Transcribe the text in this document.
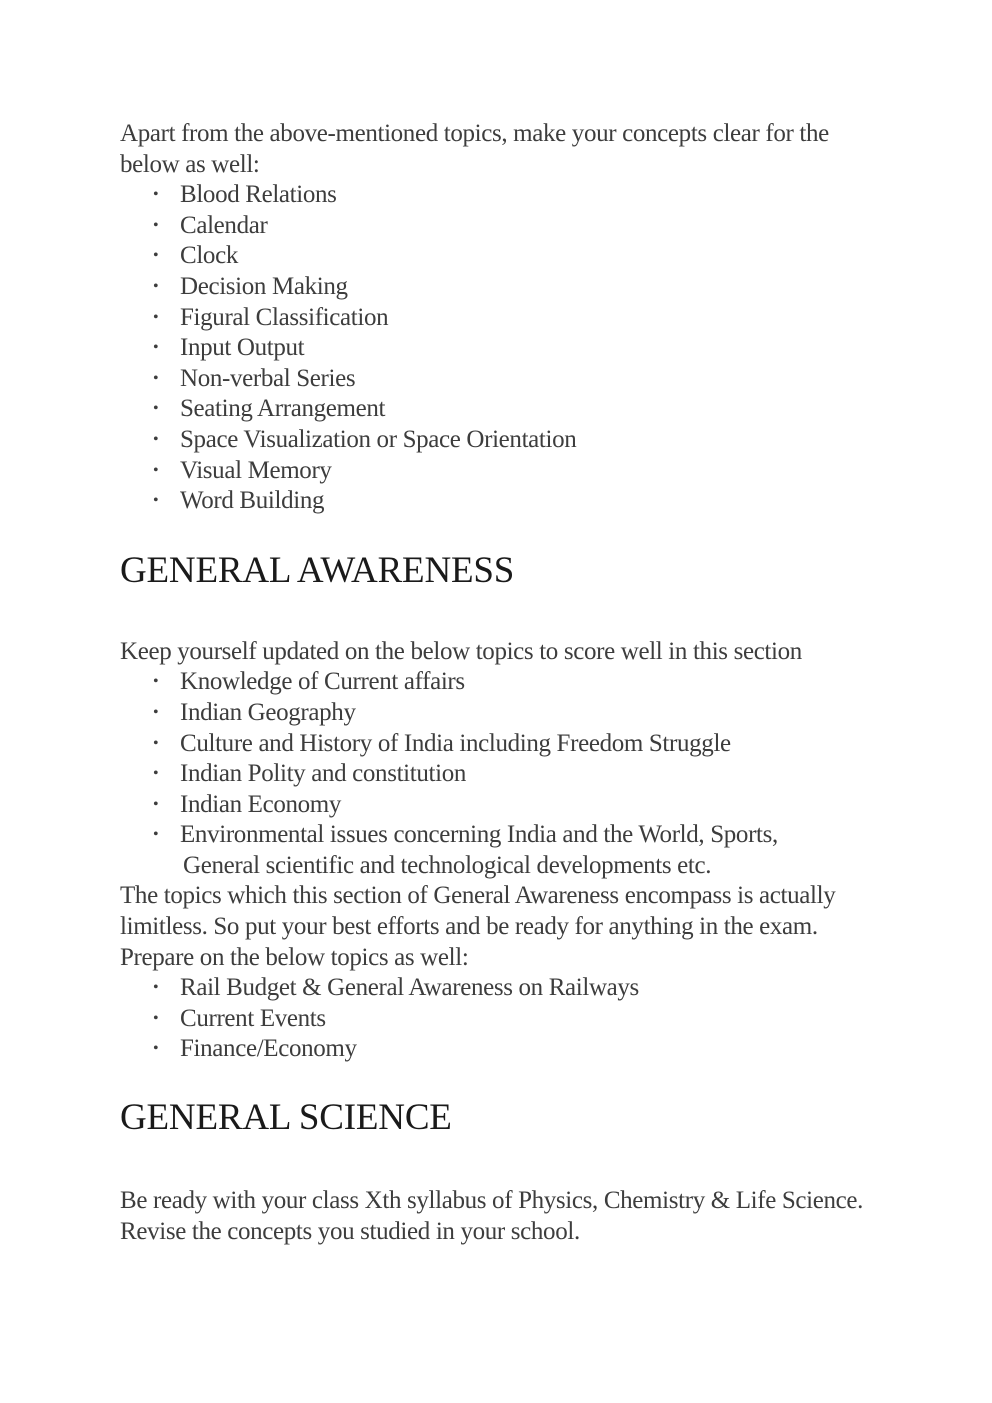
Apart from the above-mentioned topics, make your concepts clear for the below as well:

• Blood Relations
• Calendar
• Clock
• Decision Making
• Figural Classification
• Input Output
• Non-verbal Series
• Seating Arrangement
• Space Visualization or Space Orientation
• Visual Memory
• Word Building
GENERAL AWARENESS

Keep yourself updated on the below topics to score well in this section

• Knowledge of Current affairs
• Indian Geography
• Culture and History of India including Freedom Struggle
• Indian Polity and constitution
• Indian Economy
• Environmental issues concerning India and the World, Sports,
General scientific and technological developments etc.

The topics which this section of General Awareness encompass is actually limitless. So put your best efforts and be ready for anything in the exam. Prepare on the below topics as well:

• Rail Budget & General Awareness on Railways
• Current Events
• Finance/Economy
GENERAL SCIENCE

Be ready with your class Xth syllabus of Physics, Chemistry & Life Science. Revise the concepts you studied in your school.
